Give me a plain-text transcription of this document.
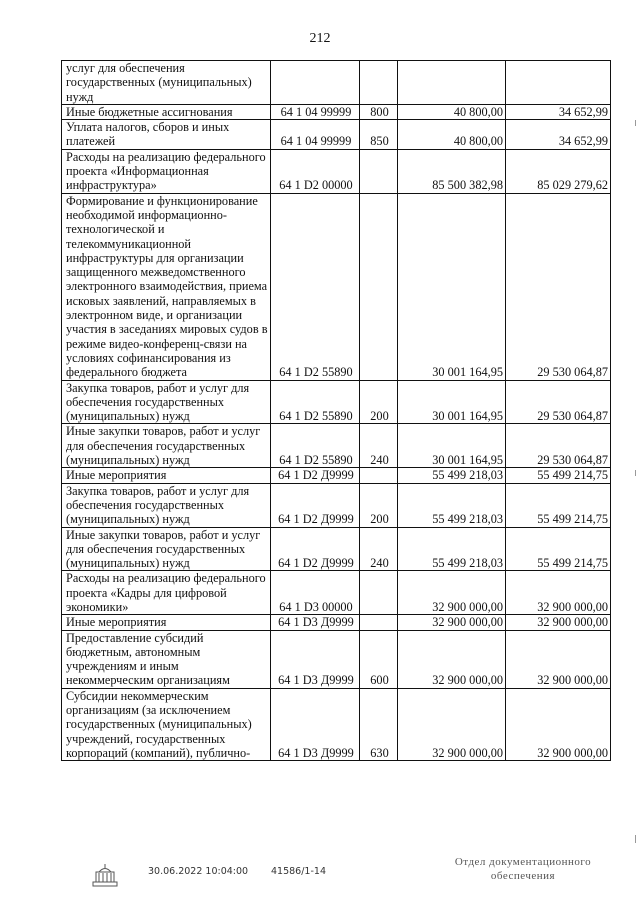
212
услуг для обеспечения государственных (муниципальных) нужд				
Иные бюджетные ассигнования	64 1 04 99999	800	40 800,00	34 652,99
Уплата налогов, сборов и иных платежей	64 1 04 99999	850	40 800,00	34 652,99
Расходы на реализацию федерального проекта «Информационная инфраструктура»	64 1 D2 00000		85 500 382,98	85 029 279,62
Формирование и функционирование необходимой информационно-технологической и телекоммуникационной инфраструктуры для организации защищенного межведомственного электронного взаимодействия, приема исковых заявлений, направляемых в электронном виде, и организации участия в заседаниях мировых судов в режиме видео-конференц-связи на условиях софинансирования из федерального бюджета	64 1 D2 55890		30 001 164,95	29 530 064,87
Закупка товаров, работ и услуг для обеспечения государственных (муниципальных) нужд	64 1 D2 55890	200	30 001 164,95	29 530 064,87
Иные закупки товаров, работ и услуг для обеспечения государственных (муниципальных) нужд	64 1 D2 55890	240	30 001 164,95	29 530 064,87
Иные мероприятия	64 1 D2 Д9999		55 499 218,03	55 499 214,75
Закупка товаров, работ и услуг для обеспечения государственных (муниципальных) нужд	64 1 D2 Д9999	200	55 499 218,03	55 499 214,75
Иные закупки товаров, работ и услуг для обеспечения государственных (муниципальных) нужд	64 1 D2 Д9999	240	55 499 218,03	55 499 214,75
Расходы на реализацию федерального проекта «Кадры для цифровой экономики»	64 1 D3 00000		32 900 000,00	32 900 000,00
Иные мероприятия	64 1 D3 Д9999		32 900 000,00	32 900 000,00
Предоставление субсидий бюджетным, автономным учреждениям и иным некоммерческим организациям	64 1 D3 Д9999	600	32 900 000,00	32 900 000,00
Субсидии некоммерческим организациям (за исключением государственных (муниципальных) учреждений, государственных корпораций (компаний), публично-	64 1 D3 Д9999	630	32 900 000,00	32 900 000,00
30.06.2022 10:04:00 41586/1-14
Отдел документационного обеспечения
